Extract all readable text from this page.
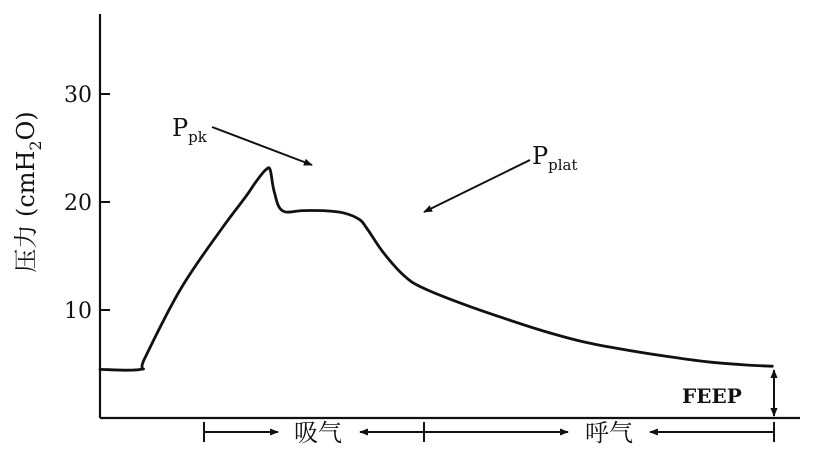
10
20
30
压力 (cmH$_2$O)	$P_{pk}$
$P_{plat}$
FEEP
吸气	呼气
